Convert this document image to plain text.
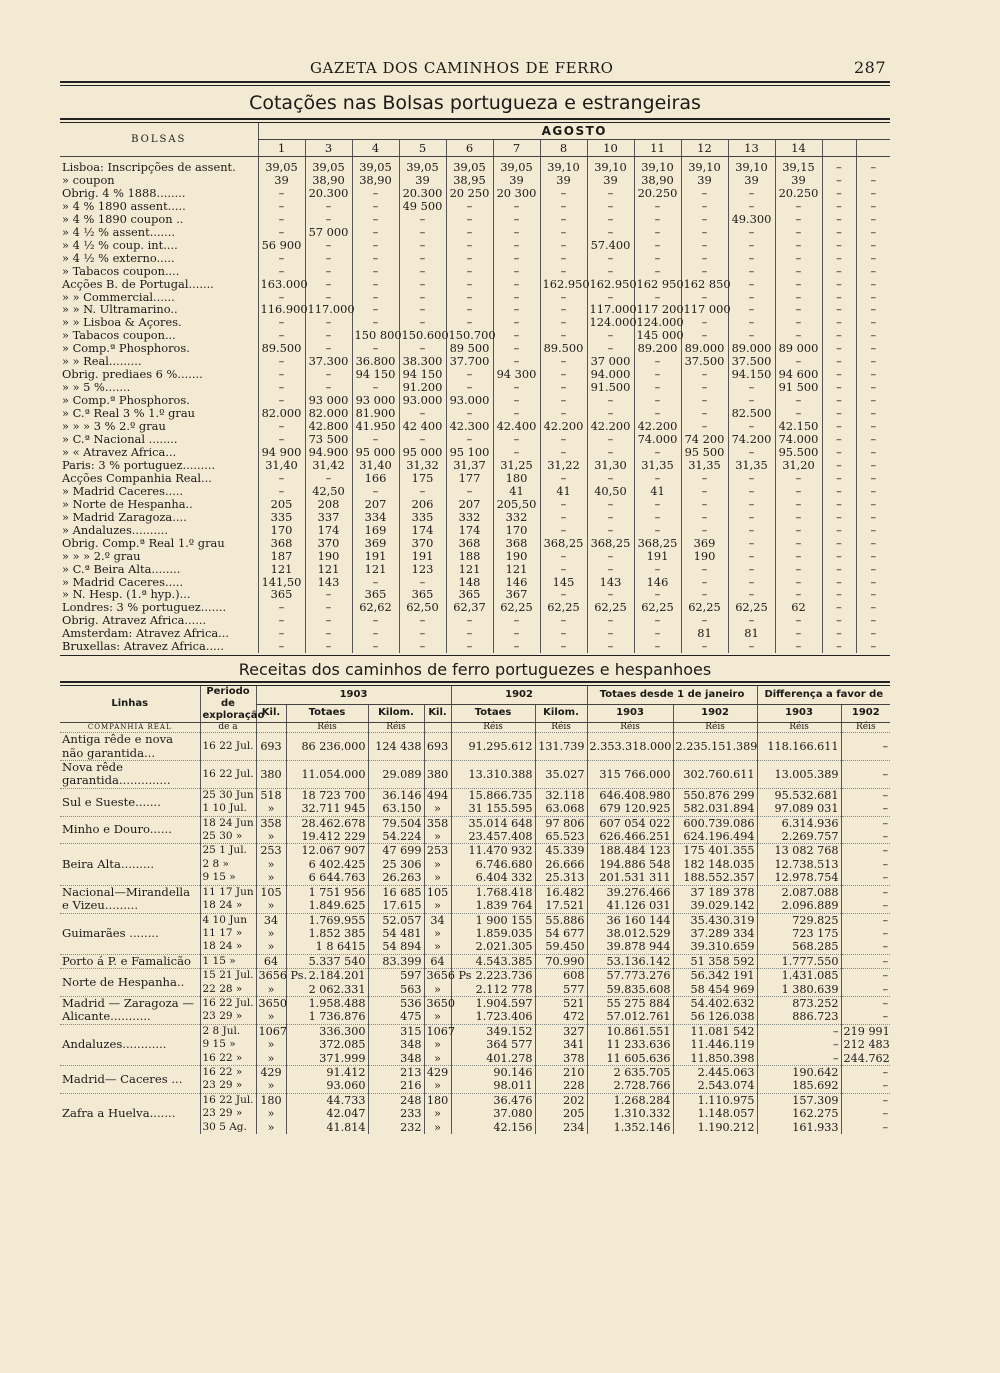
GAZETA DOS CAMINHOS DE FERRO	287
Cotações nas Bolsas portugueza e estrangeiras
BOLSAS	AGOSTO													
	1	3	4	5	6	7	8	10	11	12	13	14		
Lisboa: Inscripções de assent.	39,05	39,05	39,05	39,05	39,05	39,05	39,10	39,10	39,10	39,10	39,10	39,15	–	–
» coupon	39	38,90	38,90	39	38,95	39	39	39	38,90	39	39	39	–	–
Obrig. 4 % 1888........	–	20.300	–	20.300	20 250	20 300	–	–	20.250	–	–	20.250	–	–
» 4 % 1890 assent.....	–	–	–	49 500	–	–	–	–	–	–	–	–	–	–
» 4 % 1890 coupon ..	–	–	–	–	–	–	–	–	–	–	49.300	–	–	–
» 4 ½ % assent.......	–	57 000	–	–	–	–	–	–	–	–	–	–	–	–
» 4 ½ % coup. int....	56 900	–	–	–	–	–	–	57.400	–	–	–	–	–	–
» 4 ½ % externo.....	–	–	–	–	–	–	–	–	–	–	–	–	–	–
» Tabacos coupon....	–	–	–	–	–	–	–	–	–	–	–	–	–	–
Acções B. de Portugal.......	163.000	–	–	–	–	–	162.950	162.950	162 950	162 850	–	–	–	–
» » Commercial......	–	–	–	–	–	–	–	–	–	–	–	–	–	–
» » N. Ultramarino..	116.900	117.000	–	–	–	–	–	117.000	117 200	117 000	–	–	–	–
» » Lisboa & Açores.	–	–	–	–	–	–	–	124.000	124.000	–	–	–	–	–
» Tabacos coupon...	–	–	150 800	150.600	150.700	–	–	–	145 000	–	–	–	–	–
» Comp.ª Phosphoros.	89.500	–	–	–	89 500	–	89.500	–	89.200	89.000	89.000	89 000	–	–
» » Real.........	–	37.300	36.800	38.300	37.700	–	–	37 000	–	37.500	37.500	–	–	–
Obrig. prediaes 6 %.......	–	–	94 150	94 150	–	94 300	–	94.000	–	–	94.150	94 600	–	–
» » 5 %.......	–	–	–	91.200	–	–	–	91.500	–	–	–	91 500	–	–
» Comp.ª Phosphoros.	–	93 000	93 000	93.000	93.000	–	–	–	–	–	–	–	–	–
» C.ª Real 3 % 1.º grau	82.000	82.000	81.900	–	–	–	–	–	–	–	82.500	–	–	–
» » » 3 % 2.º grau	–	42.800	41.950	42 400	42.300	42.400	42.200	42.200	42.200	–	–	42.150	–	–
» C.ª Nacional ........	–	73 500	–	–	–	–	–	–	74.000	74 200	74.200	74.000	–	–
» « Atravez Africa...	94 900	94.900	95 000	95 000	95 100	–	–	–	–	95 500	–	95.500	–	–
Paris: 3 % portuguez.........	31,40	31,42	31,40	31,32	31,37	31,25	31,22	31,30	31,35	31,35	31,35	31,20	–	–
Acções Companhia Real...	–	–	166	175	177	180	–	–	–	–	–	–	–	–
» Madrid Caceres.....	–	42,50	–	–	–	41	41	40,50	41	–	–	–	–	–
» Norte de Hespanha..	205	208	207	206	207	205,50	–	–	–	–	–	–	–	–
» Madrid Zaragoza....	335	337	334	335	332	332	–	–	–	–	–	–	–	–
» Andaluzes..........	170	174	169	174	174	170	–	–	–	–	–	–	–	–
Obrig. Comp.ª Real 1.º grau	368	370	369	370	368	368	368,25	368,25	368,25	369	–	–	–	–
» » » 2.º grau	187	190	191	191	188	190	–	–	191	190	–	–	–	–
» C.ª Beira Alta........	121	121	121	123	121	121	–	–	–	–	–	–	–	–
» Madrid Caceres.....	141,50	143	–	–	148	146	145	143	146	–	–	–	–	–
» N. Hesp. (1.ª hyp.)...	365	–	365	365	365	367	–	–	–	–	–	–	–	–
Londres: 3 % portuguez.......	–	–	62,62	62,50	62,37	62,25	62,25	62,25	62,25	62,25	62,25	62	–	–
Obrig. Atravez Africa......	–	–	–	–	–	–	–	–	–	–	–	–	–	–
Amsterdam: Atravez Africa...	–	–	–	–	–	–	–	–	–	81	81	–	–	–
Bruxellas: Atravez Africa.....	–	–	–	–	–	–	–	–	–	–	–	–	–	–
Receitas dos caminhos de ferro portuguezes e hespanhoes
Linhas	Periodo de exploração	1903				1902		Totaes desde 1 de janeiro		Differença a favor de	
		Kil.	Totaes	Kilom.	Kil.	Totaes	Kilom.	1903	1902	1903	1902
COMPANHIA REAL	de a		Réis	Réis		Réis	Réis	Réis	Réis	Réis	Réis
Antiga rêde e nova não garantida...	16 22 Jul.	693	86 236.000	124 438	693	91.295.612	131.739	2.353.318.000	2.235.151.389	118.166.611	–
Nova rêde garantida..............	16 22 Jul.	380	11.054.000	29.089	380	13.310.388	35.027	315 766.000	302.760.611	13.005.389	–
Sul e Sueste.......	25 30 Jun	518	18 723 700	36.146	494	15.866.735	32.118	646.408.980	550.876 299	95.532.681	–
	1 10 Jul.	»	32.711 945	63.150	»	31 155.595	63.068	679 120.925	582.031.894	97.089 031	–
Minho e Douro......	18 24 Jun	358	28.462.678	79.504	358	35.014 648	97 806	607 054 022	600.739.086	6.314.936	–
	25 30 »	»	19.412 229	54.224	»	23.457.408	65.523	626.466.251	624.196.494	2.269.757	–
Beira Alta.........	25 1 Jul.	253	12.067 907	47 699	253	11.470 932	45.339	188.484 123	175 401.355	13 082 768	–
	2 8 »	»	6 402.425	25 306	»	6.746.680	26.666	194.886 548	182 148.035	12.738.513	–
	9 15 »	»	6 644.763	26.263	»	6.404 332	25.313	201.531 311	188.552.357	12.978.754	–
Nacional—Mirandella e Vizeu.........	11 17 Jun	105	1 751 956	16 685	105	1.768.418	16.482	39.276.466	37 189 378	2.087.088	–
	18 24 »	»	1.849.625	17.615	»	1.839 764	17.521	41.126 031	39.029.142	2.096.889	–
Guimarães ........	4 10 Jun	34	1.769.955	52.057	34	1 900 155	55.886	36 160 144	35.430.319	729.825	–
	11 17 »	»	1.852 385	54 481	»	1.859.035	54 677	38.012.529	37.289 334	723 175	–
	18 24 »	»	1 8 6415	54 894	»	2.021.305	59.450	39.878 944	39.310.659	568.285	–
Porto á P. e Famalicão	1 15 »	64	5.337 540	83.399	64	4.543.385	70.990	53.136.142	51 358 592	1.777.550	–
Norte de Hespanha..	15 21 Jul.	3656 Ps.	2.184.201	597	3656 Ps	2.223.736	608	57.773.276	56.342 191	1.431.085	–
	22 28 »	»	2 062.331	563	»	2.112 778	577	59.835.608	58 454 969	1 380.639	–
Madrid — Zaragoza — Alicante...........	16 22 Jul.	3650	1.958.488	536	3650	1.904.597	521	55 275 884	54.402.632	873.252	–
	23 29 »	»	1 736.876	475	»	1.723.406	472	57.012.761	56 126.038	886.723	–
Andaluzes............	2 8 Jul.	1067	336.300	315	1067	349.152	327	10.861.551	11.081 542	–	219 991
	9 15 »	»	372.085	348	»	364 577	341	11 233.636	11.446.119	–	212 483
	16 22 »	»	371.999	348	»	401.278	378	11 605.636	11.850.398	–	244.762
Madrid— Caceres ...	16 22 »	429	91.412	213	429	90.146	210	2 635.705	2.445.063	190.642	–
	23 29 »	»	93.060	216	»	98.011	228	2.728.766	2.543.074	185.692	–
Zafra a Huelva.......	16 22 Jul.	180	44.733	248	180	36.476	202	1.268.284	1.110.975	157.309	–
	23 29 »	»	42.047	233	»	37.080	205	1.310.332	1.148.057	162.275	–
	30 5 Ag.	»	41.814	232	»	42.156	234	1.352.146	1.190.212	161.933	–
